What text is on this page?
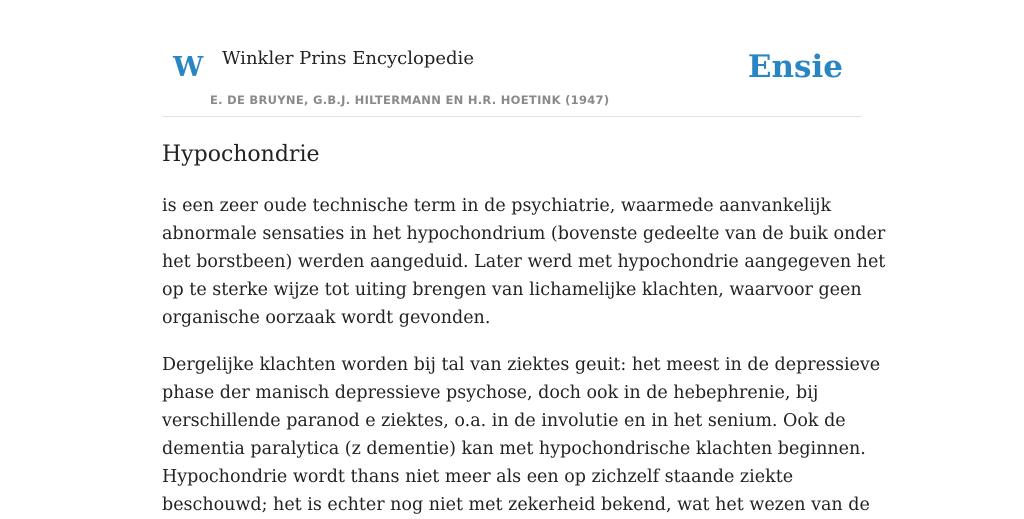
W Winkler Prins Encyclopedie
E. DE BRUYNE, G.B.J. HILTERMANN EN H.R. HOETINK (1947)
Ensie
Hypochondrie

is een zeer oude technische term in de psychiatrie, waarmede aanvankelijk
abnormale sensaties in het hypochondrium (bovenste gedeelte van de buik onder
het borstbeen) werden aangeduid. Later werd met hypochondrie aangegeven het
op te sterke wijze tot uiting brengen van lichamelijke klachten, waarvoor geen
organische oorzaak wordt gevonden.

Dergelijke klachten worden bij tal van ziektes geuit: het meest in de depressieve
phase der manisch depressieve psychose, doch ook in de hebephrenie, bij
verschillende paranod e ziektes, o.a. in de involutie en in het senium. Ook de
dementia paralytica (z dementie) kan met hypochondrische klachten beginnen.
Hypochondrie wordt thans niet meer als een op zichzelf staande ziekte
beschouwd; het is echter nog niet met zekerheid bekend, wat het wezen van de
